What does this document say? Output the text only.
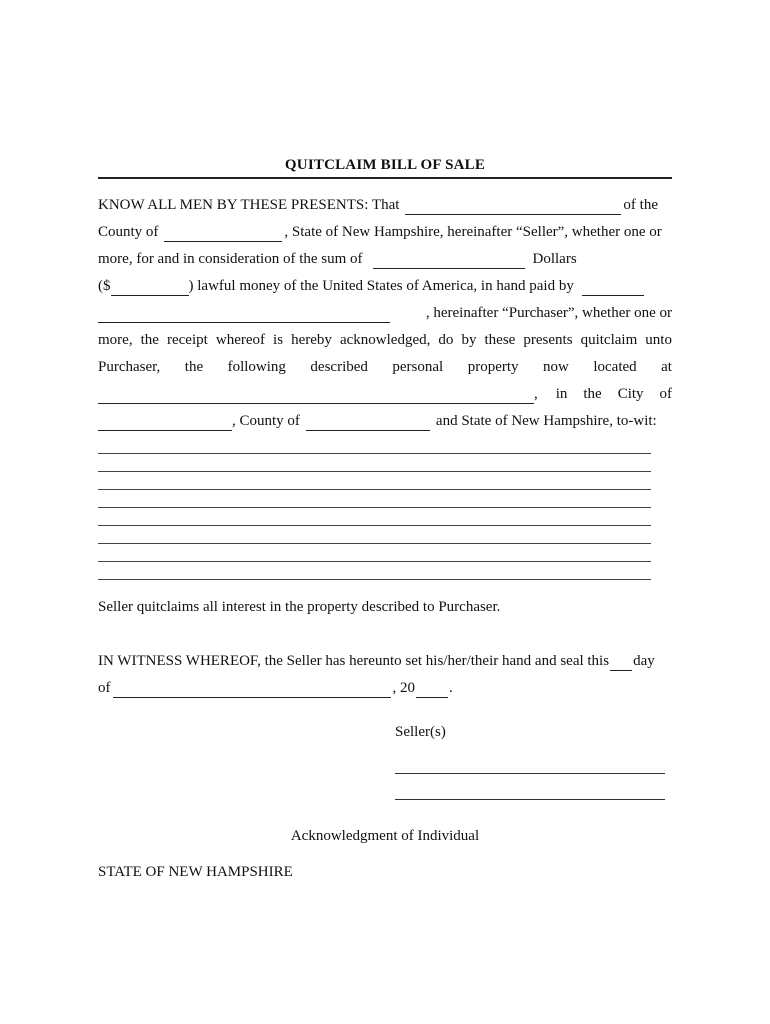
QUITCLAIM BILL OF SALE
KNOW ALL MEN BY THESE PRESENTS: That	of the
County of	, State of New Hampshire, hereinafter “Seller”, whether one or
more, for and in consideration of the sum of	Dollars
($	) lawful money of the United States of America, in hand paid by
, hereinafter “Purchaser”, whether one or
more, the receipt whereof is hereby acknowledged, do by these presents quitclaim unto
Purchaser, the following described personal property now located at
, in the City of
, County of	and State of New Hampshire, to-wit:
Seller quitclaims all interest in the property described to Purchaser.
IN WITNESS WHEREOF, the Seller has hereunto set his/her/their hand and seal this day
of	, 20 .
Seller(s)
Acknowledgment of Individual
STATE OF NEW HAMPSHIRE
